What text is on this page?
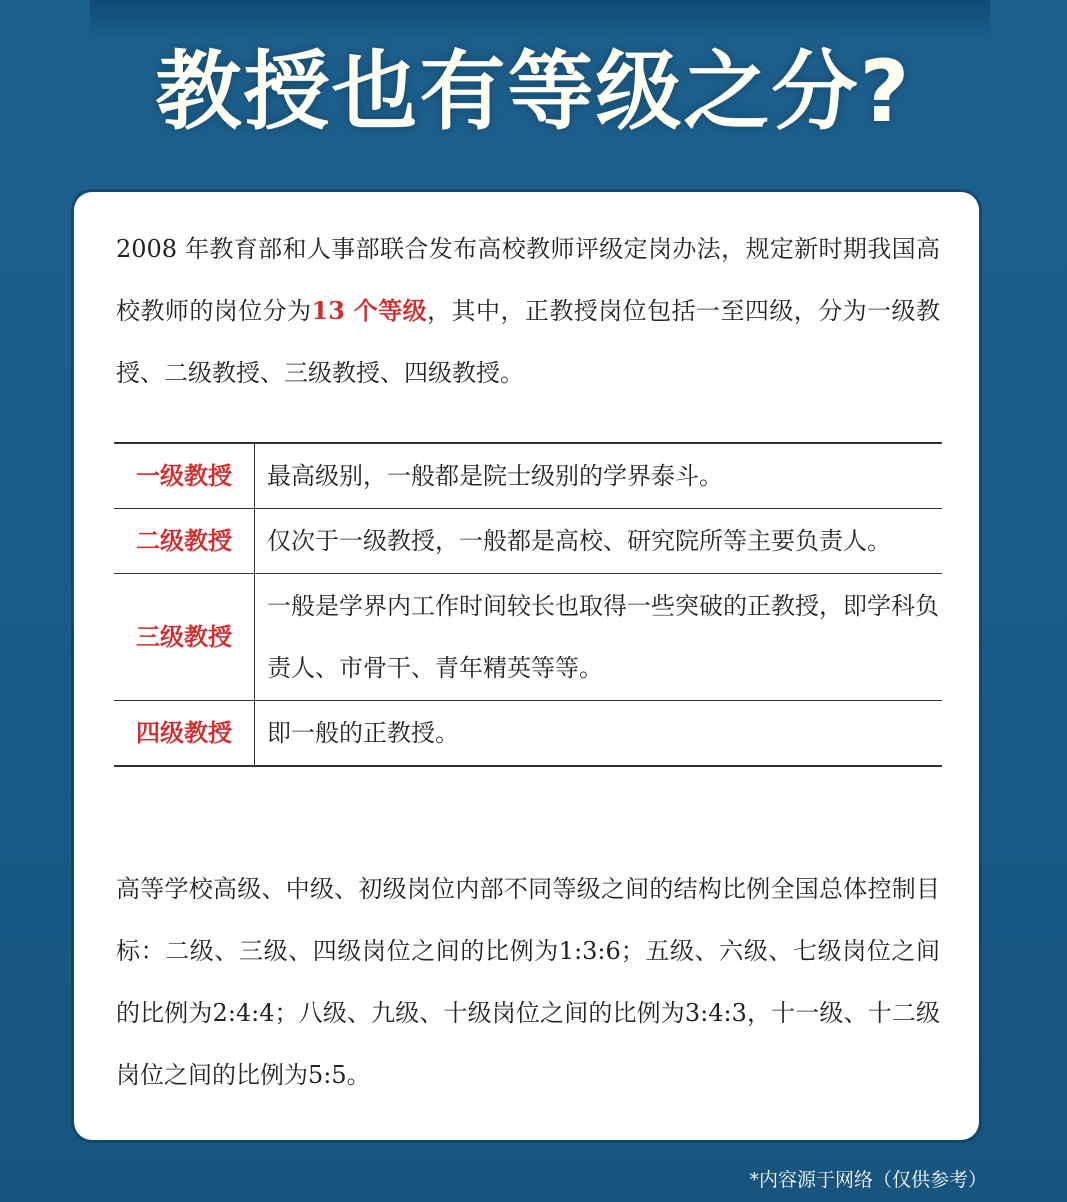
教授也有等级之分?

2008 年教育部和人事部联合发布高校教师评级定岗办法，规定新时期我国高校教师的岗位分为13 个等级，其中，正教授岗位包括一至四级，分为一级教授、二级教授、三级教授、四级教授。

一级教授	最高级别，一般都是院士级别的学界泰斗。
二级教授	仅次于一级教授，一般都是高校、研究院所等主要负责人。
三级教授	一般是学界内工作时间较长也取得一些突破的正教授，即学科负责人、市骨干、青年精英等等。
四级教授	即一般的正教授。

高等学校高级、中级、初级岗位内部不同等级之间的结构比例全国总体控制目标：二级、三级、四级岗位之间的比例为1:3:6；五级、六级、七级岗位之间的比例为2:4:4；八级、九级、十级岗位之间的比例为3:4:3，十一级、十二级岗位之间的比例为5:5。

*内容源于网络（仅供参考）
